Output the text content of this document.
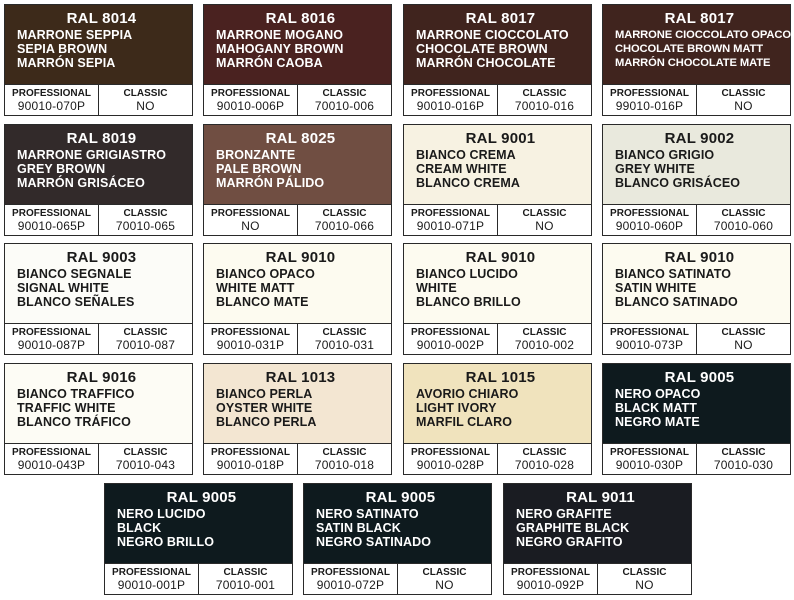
RAL 8014
MARRONE SEPPIA
SEPIA BROWN
MARRÓN SEPIA
PROFESSIONAL
90010-070P
CLASSIC
NO
RAL 8016
MARRONE MOGANO
MAHOGANY BROWN
MARRÓN CAOBA
PROFESSIONAL
90010-006P
CLASSIC
70010-006
RAL 8017
MARRONE CIOCCOLATO
CHOCOLATE BROWN
MARRÓN CHOCOLATE
PROFESSIONAL
90010-016P
CLASSIC
70010-016
RAL 8017
MARRONE CIOCCOLATO OPACO
CHOCOLATE BROWN MATT
MARRÓN CHOCOLATE MATE
PROFESSIONAL
99010-016P
CLASSIC
NO
RAL 8019
MARRONE GRIGIASTRO
GREY BROWN
MARRÓN GRISÁCEO
PROFESSIONAL
90010-065P
CLASSIC
70010-065
RAL 8025
BRONZANTE
PALE BROWN
MARRÓN PÁLIDO
PROFESSIONAL
NO
CLASSIC
70010-066
RAL 9001
BIANCO CREMA
CREAM WHITE
BLANCO CREMA
PROFESSIONAL
90010-071P
CLASSIC
NO
RAL 9002
BIANCO GRIGIO
GREY WHITE
BLANCO GRISÁCEO
PROFESSIONAL
90010-060P
CLASSIC
70010-060
RAL 9003
BIANCO SEGNALE
SIGNAL WHITE
BLANCO SEÑALES
PROFESSIONAL
90010-087P
CLASSIC
70010-087
RAL 9010
BIANCO OPACO
WHITE MATT
BLANCO MATE
PROFESSIONAL
90010-031P
CLASSIC
70010-031
RAL 9010
BIANCO LUCIDO
WHITE
BLANCO BRILLO
PROFESSIONAL
90010-002P
CLASSIC
70010-002
RAL 9010
BIANCO SATINATO
SATIN WHITE
BLANCO SATINADO
PROFESSIONAL
90010-073P
CLASSIC
NO
RAL 9016
BIANCO TRAFFICO
TRAFFIC WHITE
BLANCO TRÁFICO
PROFESSIONAL
90010-043P
CLASSIC
70010-043
RAL 1013
BIANCO PERLA
OYSTER WHITE
BLANCO PERLA
PROFESSIONAL
90010-018P
CLASSIC
70010-018
RAL 1015
AVORIO CHIARO
LIGHT IVORY
MARFIL CLARO
PROFESSIONAL
90010-028P
CLASSIC
70010-028
RAL 9005
NERO OPACO
BLACK MATT
NEGRO MATE
PROFESSIONAL
90010-030P
CLASSIC
70010-030
RAL 9005
NERO LUCIDO
BLACK
NEGRO BRILLO
PROFESSIONAL
90010-001P
CLASSIC
70010-001
RAL 9005
NERO SATINATO
SATIN BLACK
NEGRO SATINADO
PROFESSIONAL
90010-072P
CLASSIC
NO
RAL 9011
NERO GRAFITE
GRAPHITE BLACK
NEGRO GRAFITO
PROFESSIONAL
90010-092P
CLASSIC
NO
